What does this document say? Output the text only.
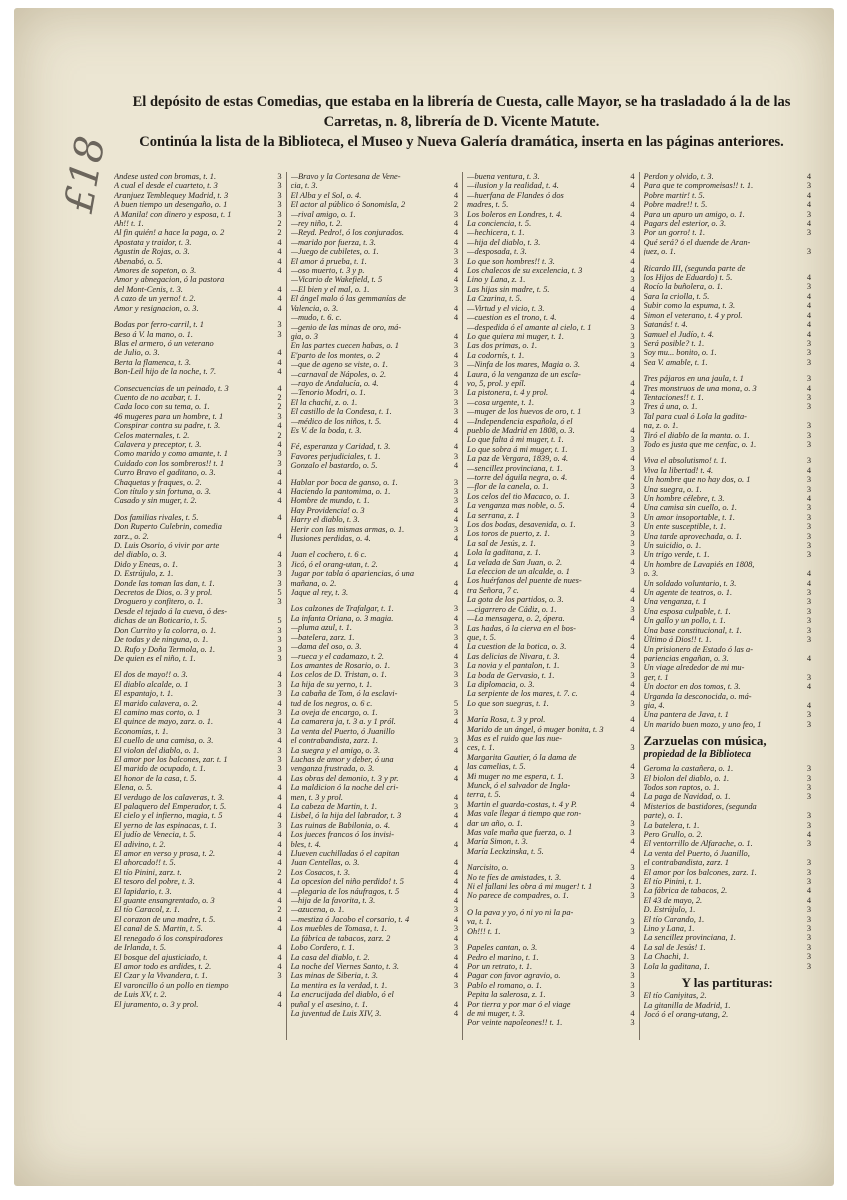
£18
El depósito de estas Comedias, que estaba en la librería de Cuesta, calle Mayor, se ha trasladado á la de las
Carretas, n. 8, librería de D. Vicente Matute.
Continúa la lista de la Biblioteca, el Museo y Nueva Galería dramática, inserta en las páginas anteriores.
Andese usted con bromas, t. 1.	3
A cual el desde el cuarteto, t. 3	3
Aranjuez Temblequey Madrid, t. 3	3
A buen tiempo un desengaño, o. 1	3
A Manila! con dinero y esposa, t. 1	3
Ah!! t. 1.	2
Al fin quién! a hace la paga, o. 2	2
Apostata y traidor, t. 3.	4
Agustin de Rojas, o. 3.	4
Abenabó, o. 5.	4
Amores de sopeton, o. 3.	4
Amor y abnegacion, ó la pastora
del Mont-Cenis, t. 3.	4
A cazo de un yerno! t. 2.	4
Amor y resignacion, o. 3.	4
Bodas por ferro-carril, t. 1	3
Beso á V. la mano, o. 1.	3
Blas el armero, ó un veterano
de Julio, o. 3.	4
Berta la flamenca, t. 3.	4
Bon-Leil hijo de la noche, t. 7.	4
Consecuencias de un peinado, t. 3	4
Cuento de no acabar, t. 1.	2
Cada loco con su tema, o. 1.	2
46 mugeres para un hombre, t. 1	3
Conspirar contra su padre, t. 3.	4
Celos maternales, t. 2.	2
Calavera y preceptor, t. 3.	4
Como marido y como amante, t. 1	3
Cuidado con los sombreros!! t. 1	3
Curro Bravo el gaditano, o. 3.	4
Chaquetas y fraques, o. 2.	4
Con título y sin fortuna, o. 3.	4
Casado y sin muger, t. 2.	4
Dos familias rivales, t. 5.	4
Don Ruperto Culebrin, comedia
zarz., o. 2.	4
D. Luis Osorio, ó vivir por arte
del diablo, o. 3.	4
Dido y Eneas, o. 1.	3
D. Estrújulo, z. 1.	3
Donde las toman las dan, t. 1.	3
Decretos de Dios, o. 3 y prol.	5
Droguero y confitero, o. 1.	3
Desde el tejado á la cueva, ó des-
dichas de un Boticario, t. 5.	5
Don Currito y la colorra, o. 1.	3
De todas y de ninguna, o. 1.	3
D. Rufo y Doña Termola, o. 1.	3
De quien es el niño, t. 1.	3
El dos de mayo!! o. 3.	4
El diablo alcalde, o. 1	3
El espantajo, t. 1.	3
El marido calavera, o. 2.	4
El camino mas corto, o. 1	3
El quince de mayo, zarz. o. 1.	4
Economías, t. 1.	3
El cuello de una camisa, o. 3.	4
El violon del diablo, o. 1.	3
El amor por los balcones, zar. t. 1	3
El marido de ocupado, t. 1.	3
El honor de la casa, t. 5.	4
Elena, o. 5.	4
El verdugo de los calaveras, t. 3.	4
El palaquero del Emperador, t. 5.	4
El cielo y el infierno, magia, t. 5	4
El yerno de las espinacas, t. 1.	3
El judío de Venecia, t. 5.	4
El adivino, t. 2.	4
El amor en verso y prosa, t. 2.	4
El ahorcado!! t. 5.	4
El tío Pinini, zarz. t.	2
El tesoro del pobre, t. 3.	4
El lapidario, t. 3.	4
El guante ensangrentado, o. 3	4
El tío Caracol, z. 1.	2
El corazon de una madre, t. 5.	4
El canal de S. Martin, t. 5.	4
El renegado ó los conspiradores
de Irlanda, t. 5.	4
El bosque del ajusticiado, t.	4
El amor todo es ardides, t. 2.	4
El Czar y la Vivandera, t. 1.	3
El varoncillo ó un pollo en tiempo
de Luis XV, t. 2.	4
El juramento, o. 3 y prol.	4
—Bravo y la Cortesana de Vene-
cia, t. 3.	4
El Alba y el Sol, o. 4.	4
El actor al público ó Sonomisla, 2	2
—rival amigo, o. 1.	3
—rey niño, t. 2.	4
—Reyd. Pedro!, ó los conjurados.	4
—marido por fuerza, t. 3.	4
—Juego de cubiletes, o. 1.	3
El amor á prueba, t. 1.	3
—oso muerto, t. 3 y p.	4
—Vicario de Wakefield, t. 5	4
—El bien y el mal, o. 1.	3
El ángel malo ó las gemmanías de
Valencia, o. 3.	4
—mudo, t. 6. c.	4
—genio de las minas de oro, má-
gia, o. 3	4
En las partes cuecen habas, o. 1	3
E'parto de los montes, o. 2	4
—que de ageno se viste, o. 1.	3
—carnaval de Nápoles, o. 2.	4
—rayo de Andalucía, o. 4.	4
—Tenorio Modri, o. 1.	3
El la chachi, z. o. 1.	3
El castillo de la Condesa, t. 1.	3
—médico de los niños, t. 5.	4
Es V. de la boda, t. 3.	4
Fé, esperanza y Caridad, t. 3.	4
Favores perjudiciales, t. 1.	3
Gonzalo el bastardo, o. 5.	4
Hablar por boca de ganso, o. 1.	3
Haciendo la pantomima, o. 1.	3
Hombre de mundo, t. 1.	3
Hay Providencia! o. 3	4
Harry el diablo, t. 3.	4
Herir con las mismas armas, o. 1.	3
Ilusiones perdidas, o. 4.	4
Juan el cochero, t. 6 c.	4
Jicó, ó el orang-utan, t. 2.	4
Jugar por tabla ó apariencias, ó una
mañana, o. 2.	4
Jaque al rey, t. 3.	4
Los calzones de Trafalgar, t. 1.	3
La infanta Oriana, o. 3 magia.	4
—pluma azul, t. 1.	3
—batelera, zarz. 1.	3
—dama del oso, o. 3.	4
—rueca y el cadamazo, t. 2.	4
Los amantes de Rosario, o. 1.	3
Los celos de D. Tristan, o. 1.	3
La hija de su yerno, t. 1.	3
La cabaña de Tom, ó la esclavi-
tud de los negros, o. 6 c.	5
La oveja de encargo, o. 1.	3
La camarera ja, t. 3 a. y 1 pról.	4
La venta del Puerto, ó Juanillo
el contrabandista, zarz. 1.	3
La suegra y el amigo, o. 3.	4
Luchas de amor y deber, ó una
venganza frustrada, o. 3.	4
Las obras del demonio, t. 3 y pr.	4
La maldicion ó la noche del cri-
men, t. 3 y prol.	4
La cabeza de Martin, t. 1.	3
Lisbel, ó la hija del labrador, t. 3	4
Las ruinas de Babilonia, o. 4.	4
Los jueces francos ó los invisi-
bles, t. 4.	4
Llueven cuchilladas ó el capitan
Juan Centellas, o. 3.	4
Los Cosacos, t. 3.	4
La opcesion del niño perdido! t. 5	4
—plegaria de los náufragos, t. 5	4
—hija de la favorita, t. 3.	4
—azucena, o. 1.	3
—mestiza ó Jacobo el corsario, t. 4	4
Los muebles de Tomasa, t. 1.	3
La fábrica de tabacos, zarz. 2	4
Lobo Cordero, t. 1.	3
La casa del diablo, t. 2.	4
La noche del Viernes Santo, t. 3.	4
Las minas de Siberia, t. 3.	4
La mentira es la verdad, t. 1.	3
La encrucijada del diablo, ó el
puñal y el asesino, t. 1.	4
La juventud de Luis XIV, 3.	4
—buena ventura, t. 3.	4
—ilusion y la realidad, t. 4.	4
—huerfana de Flandes ó dos
madres, t. 5.	4
Los boleros en Londres, t. 4.	4
La conciencia, t. 5.	4
—hechicera, t. 1.	3
—hija del diablo, t. 3.	4
—desposada, t. 3.	4
Lo que son hombres!! t. 3.	4
Los chalecos de su excelencia, t. 3	4
Lino y Lana, z. 1.	3
Las hijas sin madre, t. 5.	4
La Czarina, t. 5.	4
—Virtud y el vicio, t. 3.	4
—cuestion es el trono, t. 4.	4
—despedida ó el amante al cielo, t. 1	3
Lo que quiera mi muger, t. 1.	3
Las dos primas, o. 1.	3
La codornís, t. 1.	3
—Ninfa de los mares, Magia o. 3.	4
Laura, ó la venganza de un escla-
vo, 5, prol. y epíl.	4
La pistonera, t. 4 y prol.	4
—cosa urgente, t. 1.	3
—muger de los huevos de oro, t. 1	3
—Independencia española, ó el
pueblo de Madrid en 1808, o. 3.	4
Lo que falta á mi muger, t. 1.	3
Lo que sobra á mi muger, t. 1.	3
La paz de Vergara, 1839, o. 4.	4
—sencillez provinciana, t. 1.	3
—torre del águila negra, o. 4.	4
—flor de la canela, o. 1.	3
Los celos del tio Macaco, o. 1.	3
La venganza mas noble, o. 5.	4
La serrana, z. 1	3
Los dos bodas, desavenida, o. 1.	3
Los toros de puerto, z. 1.	3
La sal de Jesús, z. 1.	3
Lola la gaditana, z. 1.	3
La velada de San Juan, o. 2.	4
La eleccion de un alcalde, o. 1	3
Los huérfanos del puente de nues-
tra Señora, 7 c.	4
La gota de los partidos, o. 3.	4
—cigarrero de Cádiz, o. 1.	3
—La mensagera, o. 2, ópera.	4
Las hadas, ó la cierva en el bos-
que, t. 5.	4
La cuestion de la botica, o. 3.	4
Las delicias de Nivara, t. 3.	4
La novia y el pantalon, t. 1.	3
La boda de Gervasio, t. 1.	3
La diplomacia, o. 3.	4
La serpiente de los mares, t. 7. c.	4
Lo que son suegras, t. 1.	3
María Rosa, t. 3 y prol.	4
Marido de un ángel, ó muger bonita, t. 3	4
Mas es el ruido que las nue-
ces, t. 1.	3
Margarita Gautier, ó la dama de
las camelias, t. 5.	4
Mi muger no me espera, t. 1.	3
Munck, ó el salvador de Ingla-
terra, t. 5.	4
Martin el guarda-costas, t. 4 y P.	4
Mas vale llegar á tiempo que ron-
dar un año, o. 1.	3
Mas vale maña que fuerza, o. 1	3
María Simon, t. 3.	4
María Leckzinska, t. 5.	4
Narcisito, o.	3
No te fíes de amistades, t. 3.	4
Ni el fallani les obra á mi muger! t. 1	3
No parece de compadres, o. 1.	3
O la pava y yo, ó ni yo ni la pa-
va, t. 1.	3
Oh!!! t. 1.	3
Papeles cantan, o. 3.	4
Pedro el marino, t. 1.	3
Por un retrato, t. 1.	3
Pagar con favor agravio, o.	3
Pablo el romano, o. 1.	3
Pepita la salerosa, z. 1.	3
Por tierra y por mar ó el viage
de mi muger, t. 3.	4
Por veinte napoleones!! t. 1.	3
Perdon y olvido, t. 3.	4
Para que te compromeisas!! t. 1.	3
Pobre martir! t. 5.	4
Pobre madre!! t. 5.	4
Para un apuro un amigo, o. 1.	3
Pagars del esterior, o. 3.	4
Por un gorro! t. 1.	3
Qué será? ó el duende de Aran-
juez, o. 1.	3
Ricardo III, (segunda parte de
los Hijos de Eduardo) t. 5.	4
Rocío la buñolera, o. 1.	3
Sara la criolla, t. 5.	4
Subir como la espuma, t. 3.	4
Simon el veterano, t. 4 y prol.	4
Satanás! t. 4.	4
Samuel el Judío, t. 4.	4
Será posible? t. 1.	3
Soy mu... bonito, o. 1.	3
Sea V. amable, t. 1.	3
Tres pájaros en una jaula, t. 1	3
Tres monstruos de una mona, o. 3	4
Tentaciones!! t. 1.	3
Tres á una, o. 1.	3
Tal para cual ó Lola la gadita-
na, z. o. 1.	3
Tiró el diablo de la manta. o. 1.	3
Todo es justa que me cenfac, o. 1.	3
Viva el absolutismo! t. 1.	3
Viva la libertad! t. 4.	4
Un hombre que no hay dos, o. 1	3
Una suegra, o. 1.	3
Un hombre célebre, t. 3.	4
Una camisa sin cuello, o. 1.	3
Un amor insoportable, t. 1.	3
Un ente susceptible, t. 1.	3
Una tarde aprovechada, o. 1.	3
Un suicidio, o. 1.	3
Un trigo verde, t. 1.	3
Un hombre de Lavapiés en 1808,
o. 3.	4
Un soldado voluntario, t. 3.	4
Un agente de teatros, o. 1.	3
Una venganza, t. 1	3
Una esposa culpable, t. 1.	3
Un gallo y un pollo, t. 1.	3
Una base constitucional, t. 1.	3
Último á Dios!! t. 1.	3
Un prisionero de Estado ó las a-
pariencias engañan, o. 3.	4
Un viage alrededor de mi mu-
ger, t. 1	3
Un doctor en dos tomos, t. 3.	4
Urganda la desconocida, o. má-
gia, 4.	4
Una pantera de Java, t. 1	3
Un marido buen mozo, y uno feo, 1	3
Zarzuelas con música,
propiedad de la Biblioteca
Geroma la castañera, o. 1.	3
El biolon del diablo, o. 1.	3
Todos son raptos, o. 1.	3
La paga de Navidad, o. 1.	3
Misterios de bastidores, (segunda
parte), o. 1.	3
La batelera, t. 1.	3
Pero Grullo, o. 2.	4
El ventorrillo de Alfarache, o. 1.	3
La venta del Puerto, ó Juanillo,
el contrabandista, zarz. 1	3
El amor por los balcones, zarz. 1.	3
El tío Pinini, t. 1.	3
La fábrica de tabacos, 2.	4
El 43 de mayo, 2.	4
D. Estrújulo, 1.	3
El tío Carando, 1.	3
Lino y Lana, 1.	3
La sencillez provinciana, 1.	3
La sal de Jesús! 1.	3
La Chachi, 1.	3
Lola la gaditana, 1.	3
Y las partituras:
El tío Caniyitas, 2.
La gitanilla de Madrid, 1.
Jocó ó el orang-utang, 2.
